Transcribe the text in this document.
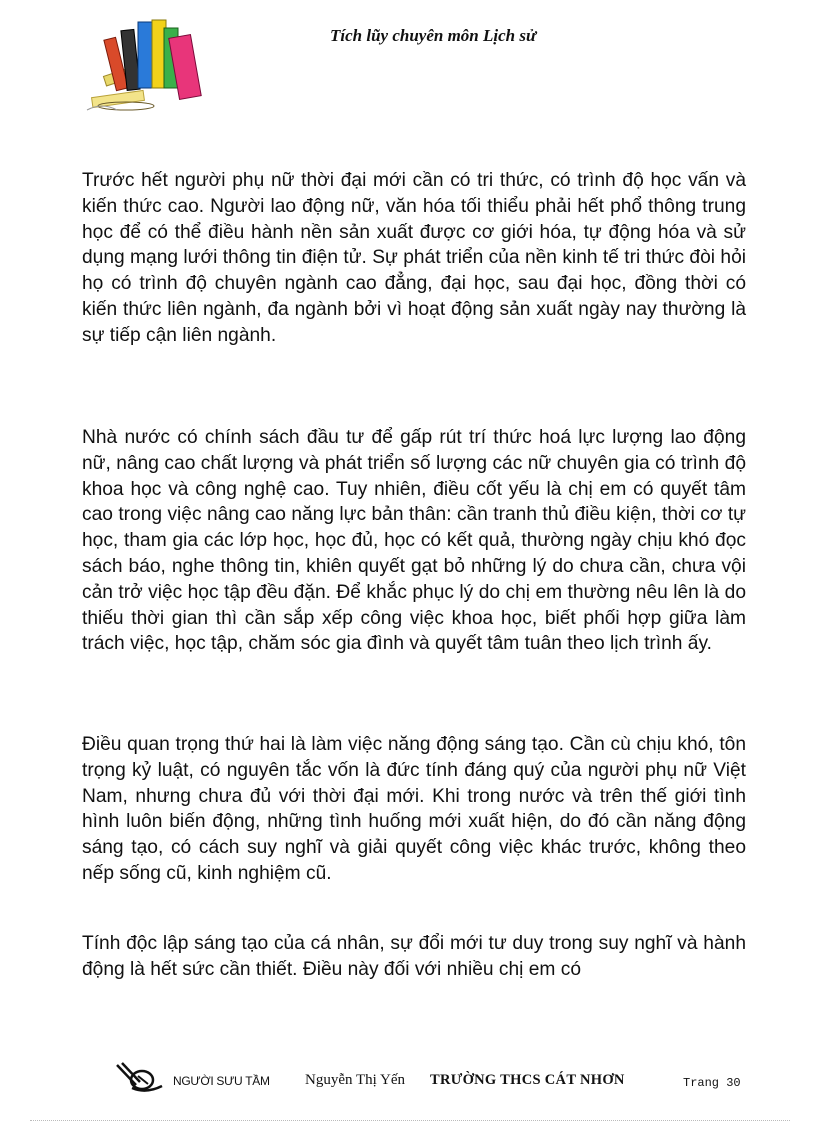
Tích lũy chuyên môn Lịch sử

Trước hết người phụ nữ thời đại mới cần có tri thức, có trình độ học vấn và kiến thức cao. Người lao động nữ, văn hóa tối thiểu phải hết phổ thông trung học để có thể điều hành nền sản xuất được cơ giới hóa, tự động hóa và sử dụng mạng lưới thông tin điện tử. Sự phát triển của nền kinh tế tri thức đòi hỏi họ có trình độ chuyên ngành cao đẳng, đại học, sau đại học, đồng thời có kiến thức liên ngành, đa ngành bởi vì hoạt động sản xuất ngày nay thường là sự tiếp cận liên ngành.

Nhà nước có chính sách đầu tư để gấp rút trí thức hoá lực lượng lao động nữ, nâng cao chất lượng và phát triển số lượng các nữ chuyên gia có trình độ khoa học và công nghệ cao. Tuy nhiên, điều cốt yếu là chị em có quyết tâm cao trong việc nâng cao năng lực bản thân: cần tranh thủ điều kiện, thời cơ tự học, tham gia các lớp học, học đủ, học có kết quả, thường ngày chịu khó đọc sách báo, nghe thông tin, khiên quyết gạt bỏ những lý do chưa cần, chưa vội cản trở việc học tập đều đặn. Để khắc phục lý do chị em thường nêu lên là do thiếu thời gian thì cần sắp xếp công việc khoa học, biết phối hợp giữa làm trách việc, học tập, chăm sóc gia đình và quyết tâm tuân theo lịch trình ấy.

Điều quan trọng thứ hai là làm việc năng động sáng tạo. Cần cù chịu khó, tôn trọng kỷ luật, có nguyên tắc vốn là đức tính đáng quý của người phụ nữ Việt Nam, nhưng chưa đủ với thời đại mới. Khi trong nước và trên thế giới tình hình luôn biến động, những tình huống mới xuất hiện, do đó cần năng động sáng tạo, có cách suy nghĩ và giải quyết công việc khác trước, không theo nếp sống cũ, kinh nghiệm cũ.

Tính độc lập sáng tạo của cá nhân, sự đổi mới tư duy trong suy nghĩ và hành động là hết sức cần thiết. Điều này đối với nhiều chị em có

NGƯỜI SƯU TẦM Nguyễn Thị Yến TRƯỜNG THCS CÁT NHƠN	Trang 30
